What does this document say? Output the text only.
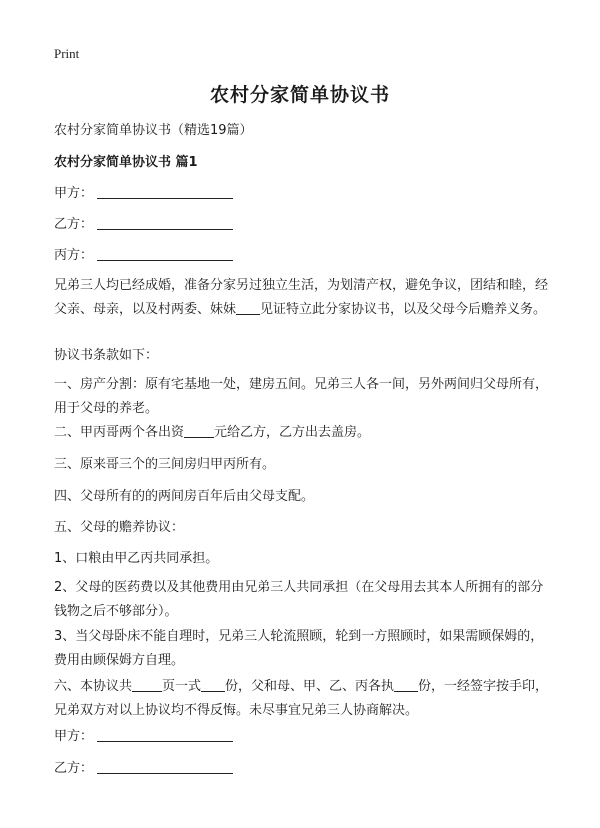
Print
农村分家简单协议书
农村分家简单协议书（精选19篇）
农村分家简单协议书 篇1
甲方：
乙方：
丙方：
兄弟三人均已经成婚，准备分家另过独立生活，为划清产权，避免争议，团结和睦，经父亲、母亲，以及村两委、妹妹 见证特立此分家协议书，以及父母今后赡养义务。
协议书条款如下：
一、房产分割：原有宅基地一处，建房五间。兄弟三人各一间，另外两间归父母所有，用于父母的养老。
二、甲丙哥两个各出资 元给乙方，乙方出去盖房。
三、原来哥三个的三间房归甲丙所有。
四、父母所有的的两间房百年后由父母支配。
五、父母的赡养协议：
1、口粮由甲乙丙共同承担。
2、父母的医药费以及其他费用由兄弟三人共同承担（在父母用去其本人所拥有的部分钱物之后不够部分）。
3、当父母卧床不能自理时，兄弟三人轮流照顾，轮到一方照顾时，如果需顾保姆的，费用由顾保姆方自理。
六、本协议共 页一式 份，父和母、甲、乙、丙各执 份，一经签字按手印，兄弟双方对以上协议均不得反悔。未尽事宜兄弟三人协商解决。
甲方：
乙方：
